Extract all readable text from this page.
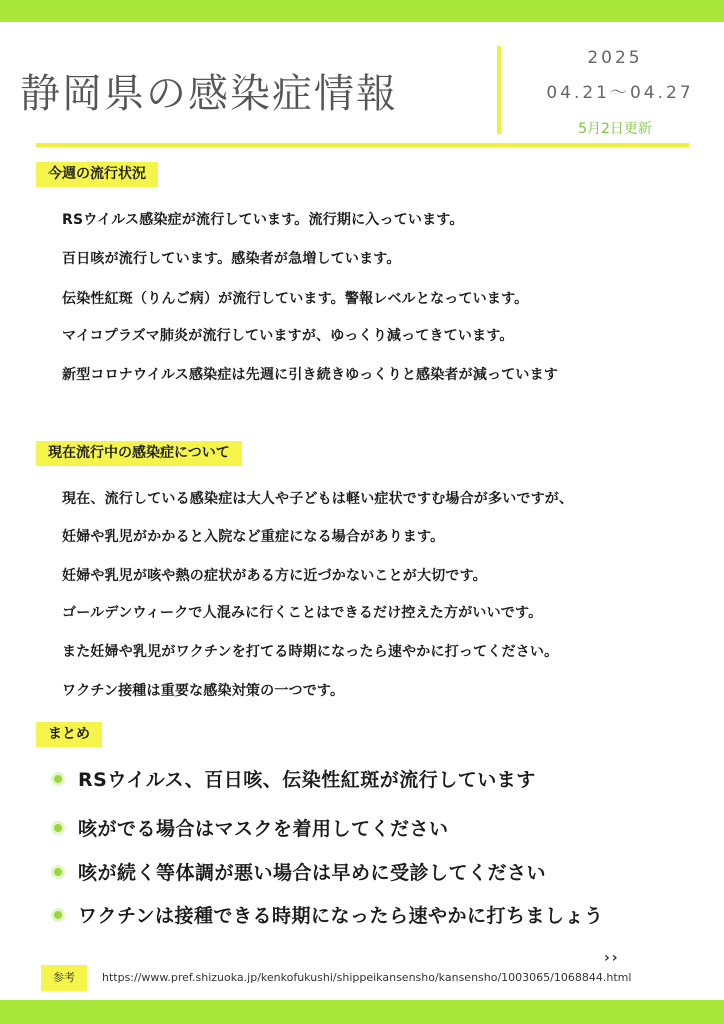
静岡県の感染症情報
2025
04.21〜04.27
5月2日更新
今週の流行状況
RSウイルス感染症が流行しています。流行期に入っています。
百日咳が流行しています。感染者が急増しています。
伝染性紅斑（りんご病）が流行しています。警報レベルとなっています。
マイコプラズマ肺炎が流行していますが、ゆっくり減ってきています。
新型コロナウイルス感染症は先週に引き続きゆっくりと感染者が減っています
現在流行中の感染症について
現在、流行している感染症は大人や子どもは軽い症状ですむ場合が多いですが、
妊婦や乳児がかかると入院など重症になる場合があります。
妊婦や乳児が咳や熱の症状がある方に近づかないことが大切です。
ゴールデンウィークで人混みに行くことはできるだけ控えた方がいいです。
また妊婦や乳児がワクチンを打てる時期になったら速やかに打ってください。
ワクチン接種は重要な感染対策の一つです。
まとめ
RSウイルス、百日咳、伝染性紅斑が流行しています
咳がでる場合はマスクを着用してください
咳が続く等体調が悪い場合は早めに受診してください
ワクチンは接種できる時期になったら速やかに打ちましょう
››
参考	https://www.pref.shizuoka.jp/kenkofukushi/shippeikansensho/kansensho/1003065/1068844.html
